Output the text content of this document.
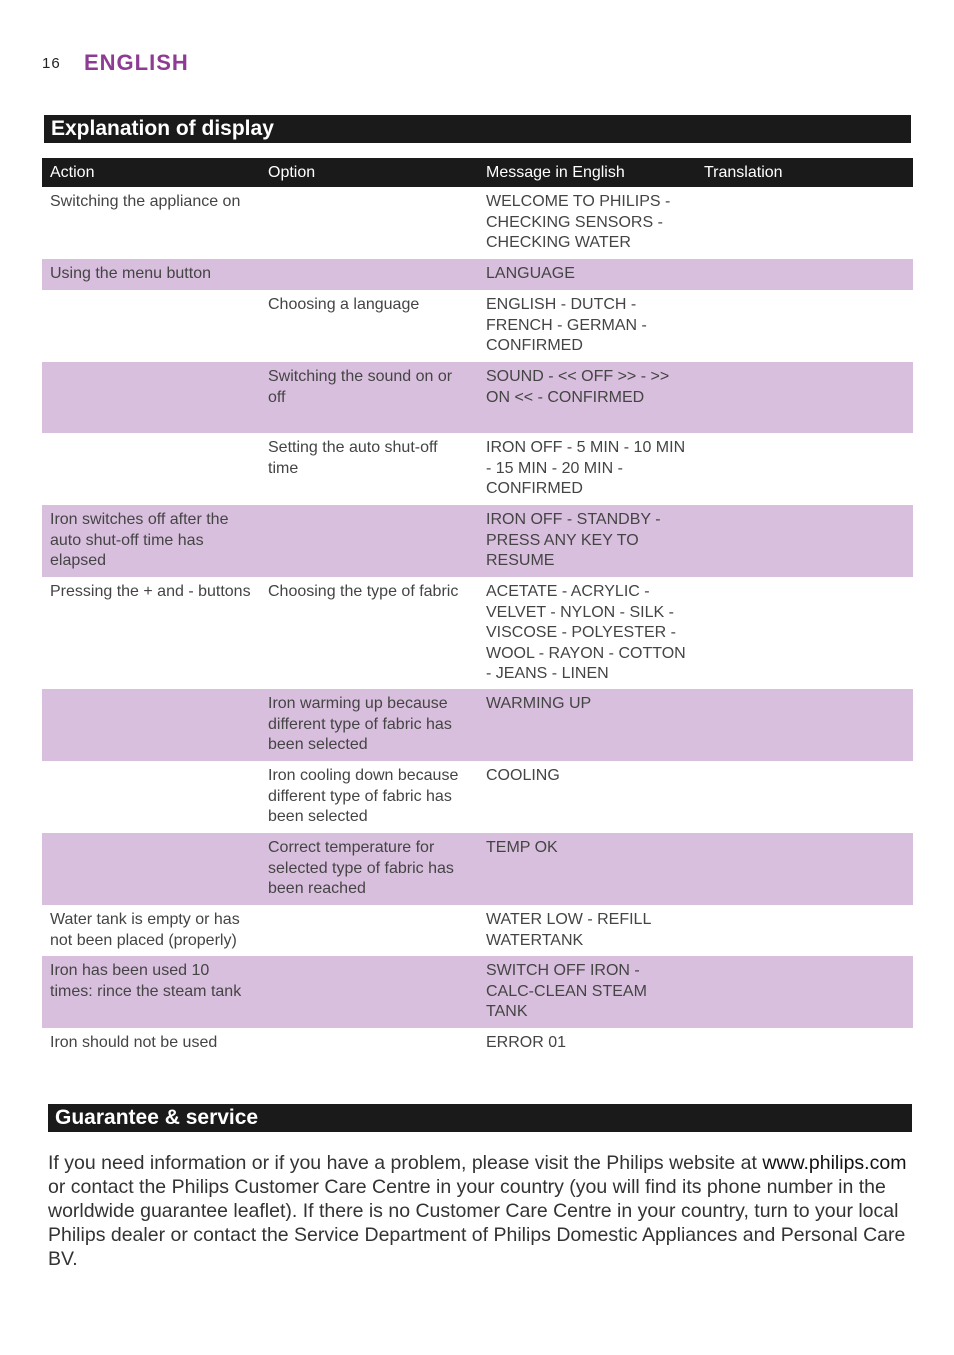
16 ENGLISH
Explanation of display
Action	Option	Message in English	Translation
Switching the appliance on		WELCOME TO PHILIPS - CHECKING SENSORS - CHECKING WATER	
Using the menu button		LANGUAGE	
	Choosing a language	ENGLISH - DUTCH - FRENCH - GERMAN - CONFIRMED	
	Switching the sound on or off	SOUND - << OFF >> - >> ON << - CONFIRMED	
	Setting the auto shut-off time	IRON OFF - 5 MIN - 10 MIN - 15 MIN - 20 MIN - CONFIRMED	
Iron switches off after the auto shut-off time has elapsed		IRON OFF - STANDBY - PRESS ANY KEY TO RESUME	
Pressing the + and - buttons	Choosing the type of fabric	ACETATE - ACRYLIC - VELVET - NYLON - SILK - VISCOSE - POLYESTER - WOOL - RAYON - COTTON - JEANS - LINEN	
	Iron warming up because different type of fabric has been selected	WARMING UP	
	Iron cooling down because different type of fabric has been selected	COOLING	
	Correct temperature for selected type of fabric has been reached	TEMP OK	
Water tank is empty or has not been placed (properly)		WATER LOW - REFILL WATERTANK	
Iron has been used 10 times: rince the steam tank		SWITCH OFF IRON - CALC-CLEAN STEAM TANK	
Iron should not be used		ERROR 01	
Guarantee & service
If you need information or if you have a problem, please visit the Philips website at www.philips.com or contact the Philips Customer Care Centre in your country (you will find its phone number in the worldwide guarantee leaflet). If there is no Customer Care Centre in your country, turn to your local Philips dealer or contact the Service Department of Philips Domestic Appliances and Personal Care BV.
